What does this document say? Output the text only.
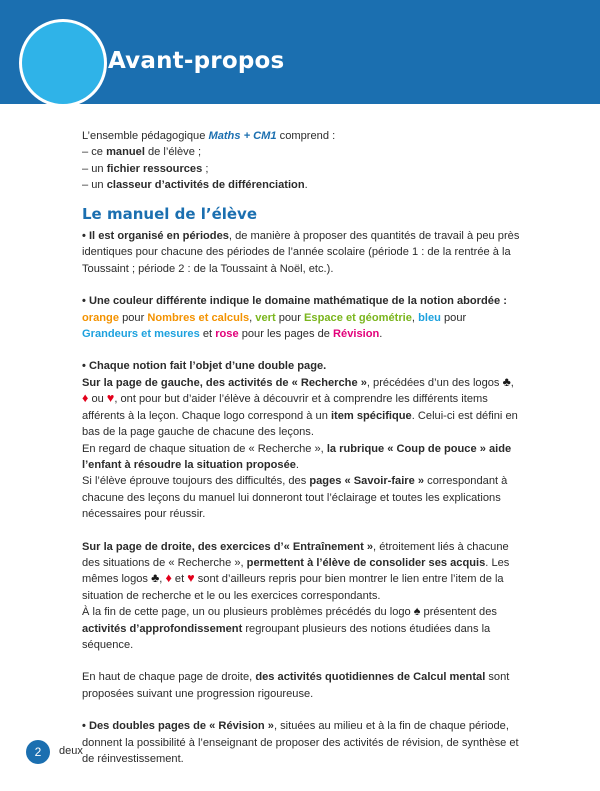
Avant-propos

L’ensemble pédagogique Maths + CM1 comprend :

– ce manuel de l’élève ;

– un fichier ressources ;

– un classeur d’activités de différenciation.

Le manuel de l’élève

• Il est organisé en périodes, de manière à proposer des quantités de travail à peu près identiques pour chacune des périodes de l’année scolaire (période 1 : de la rentrée à la Toussaint ; période 2 : de la Toussaint à Noël, etc.).

• Une couleur différente indique le domaine mathématique de la notion abordée : orange pour Nombres et calculs, vert pour Espace et géométrie, bleu pour Grandeurs et mesures et rose pour les pages de Révision.

• Chaque notion fait l’objet d’une double page.

Sur la page de gauche, des activités de « Recherche », précédées d’un des logos ♣, ♦ ou ♥, ont pour but d’aider l’élève à découvrir et à comprendre les différents items afférents à la leçon. Chaque logo correspond à un item spécifique. Celui-ci est défini en bas de la page gauche de chacune des leçons.

En regard de chaque situation de « Recherche », la rubrique « Coup de pouce » aide l’enfant à résoudre la situation proposée.

Si l’élève éprouve toujours des difficultés, des pages « Savoir-faire » correspondant à chacune des leçons du manuel lui donneront tout l’éclairage et toutes les explications nécessaires pour réussir.

Sur la page de droite, des exercices d’« Entraînement », étroitement liés à chacune des situations de « Recherche », permettent à l’élève de consolider ses acquis. Les mêmes logos ♣, ♦ et ♥ sont d’ailleurs repris pour bien montrer le lien entre l’item de la situation de recherche et le ou les exercices correspondants.

À la fin de cette page, un ou plusieurs problèmes précédés du logo ♠ présentent des activités d’approfondissement regroupant plusieurs des notions étudiées dans la séquence.

En haut de chaque page de droite, des activités quotidiennes de Calcul mental sont proposées suivant une progression rigoureuse.

• Des doubles pages de « Révision », situées au milieu et à la fin de chaque période, donnent la possibilité à l’enseignant de proposer des activités de révision, de synthèse et de réinvestissement.

2	deux
